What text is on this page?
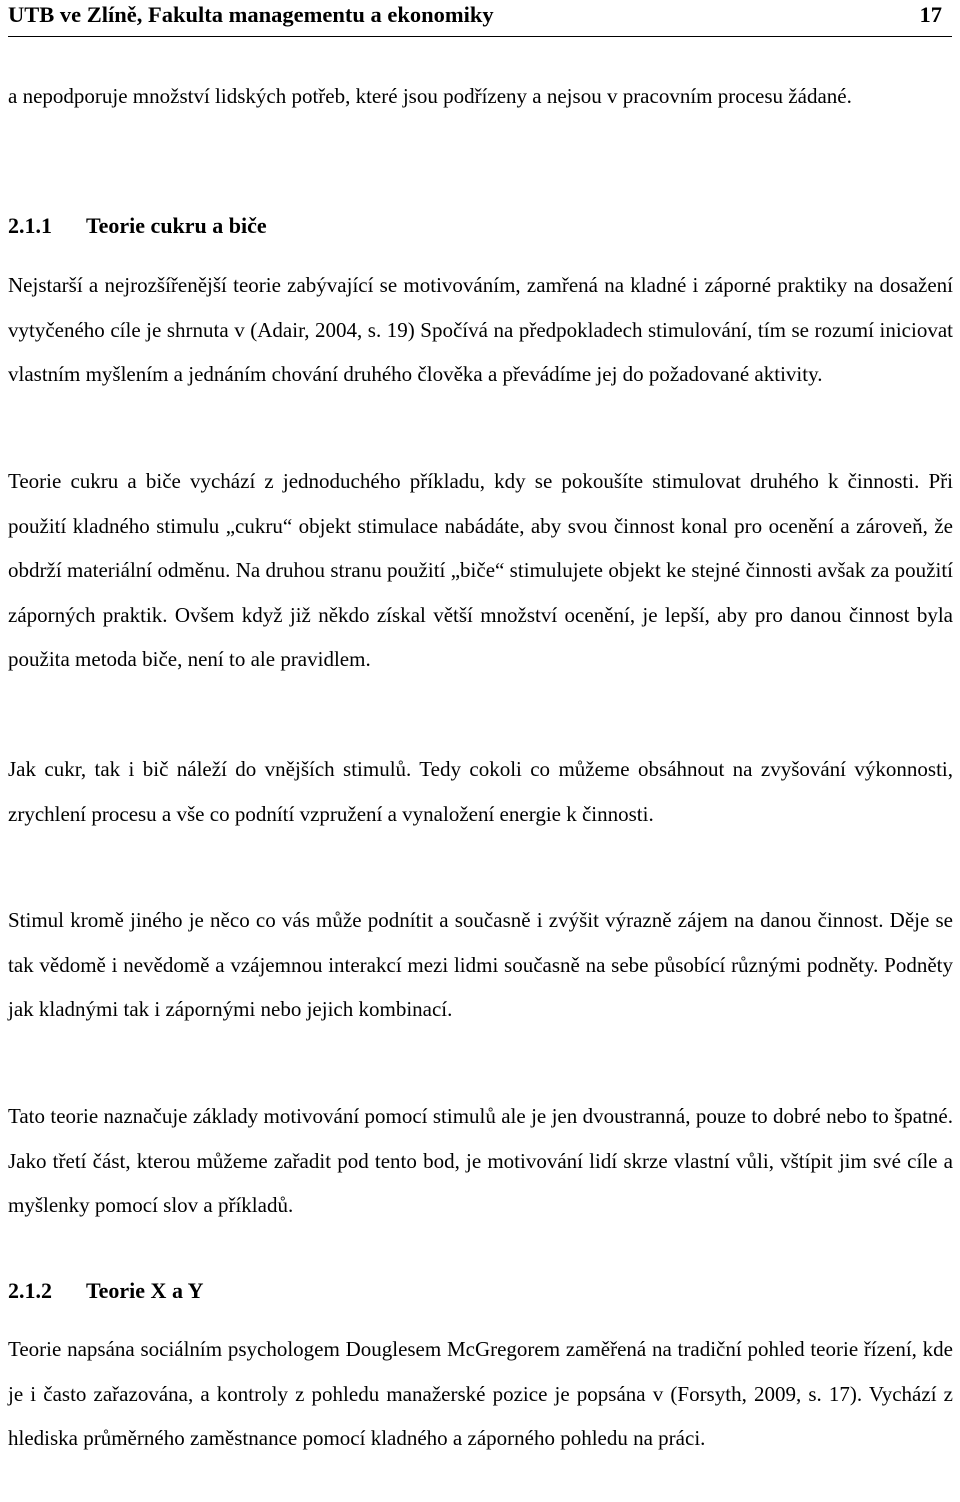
UTB ve Zlíně, Fakulta managementu a ekonomiky	17

a nepodporuje množství lidských potřeb, které jsou podřízeny a nejsou v pracovním procesu žádané.

2.1.1 Teorie cukru a biče

Nejstarší a nejrozšířenější teorie zabývající se motivováním, zamřená na kladné i záporné praktiky na dosažení vytyčeného cíle je shrnuta v (Adair, 2004, s. 19) Spočívá na předpokladech stimulování, tím se rozumí iniciovat vlastním myšlením a jednáním chování druhého člověka a převádíme jej do požadované aktivity.

Teorie cukru a biče vychází z jednoduchého příkladu, kdy se pokoušíte stimulovat druhého k činnosti. Při použití kladného stimulu „cukru“ objekt stimulace nabádáte, aby svou činnost konal pro ocenění a zároveň, že obdrží materiální odměnu. Na druhou stranu použití „biče“ stimulujete objekt ke stejné činnosti avšak za použití záporných praktik. Ovšem když již někdo získal větší množství ocenění, je lepší, aby pro danou činnost byla použita metoda biče, není to ale pravidlem.

Jak cukr, tak i bič náleží do vnějších stimulů. Tedy cokoli co můžeme obsáhnout na zvyšování výkonnosti, zrychlení procesu a vše co podnítí vzpružení a vynaložení energie k činnosti.

Stimul kromě jiného je něco co vás může podnítit a současně i zvýšit výrazně zájem na danou činnost. Děje se tak vědomě i nevědomě a vzájemnou interakcí mezi lidmi současně na sebe působící různými podněty. Podněty jak kladnými tak i zápornými nebo jejich kombinací.

Tato teorie naznačuje základy motivování pomocí stimulů ale je jen dvoustranná, pouze to dobré nebo to špatné. Jako třetí část, kterou můžeme zařadit pod tento bod, je motivování lidí skrze vlastní vůli, vštípit jim své cíle a myšlenky pomocí slov a příkladů.

2.1.2 Teorie X a Y

Teorie napsána sociálním psychologem Douglesem McGregorem zaměřená na tradiční pohled teorie řízení, kde je i často zařazována, a kontroly z pohledu manažerské pozice je popsána v (Forsyth, 2009, s. 17). Vychází z hlediska průměrného zaměstnance pomocí kladného a záporného pohledu na práci.
